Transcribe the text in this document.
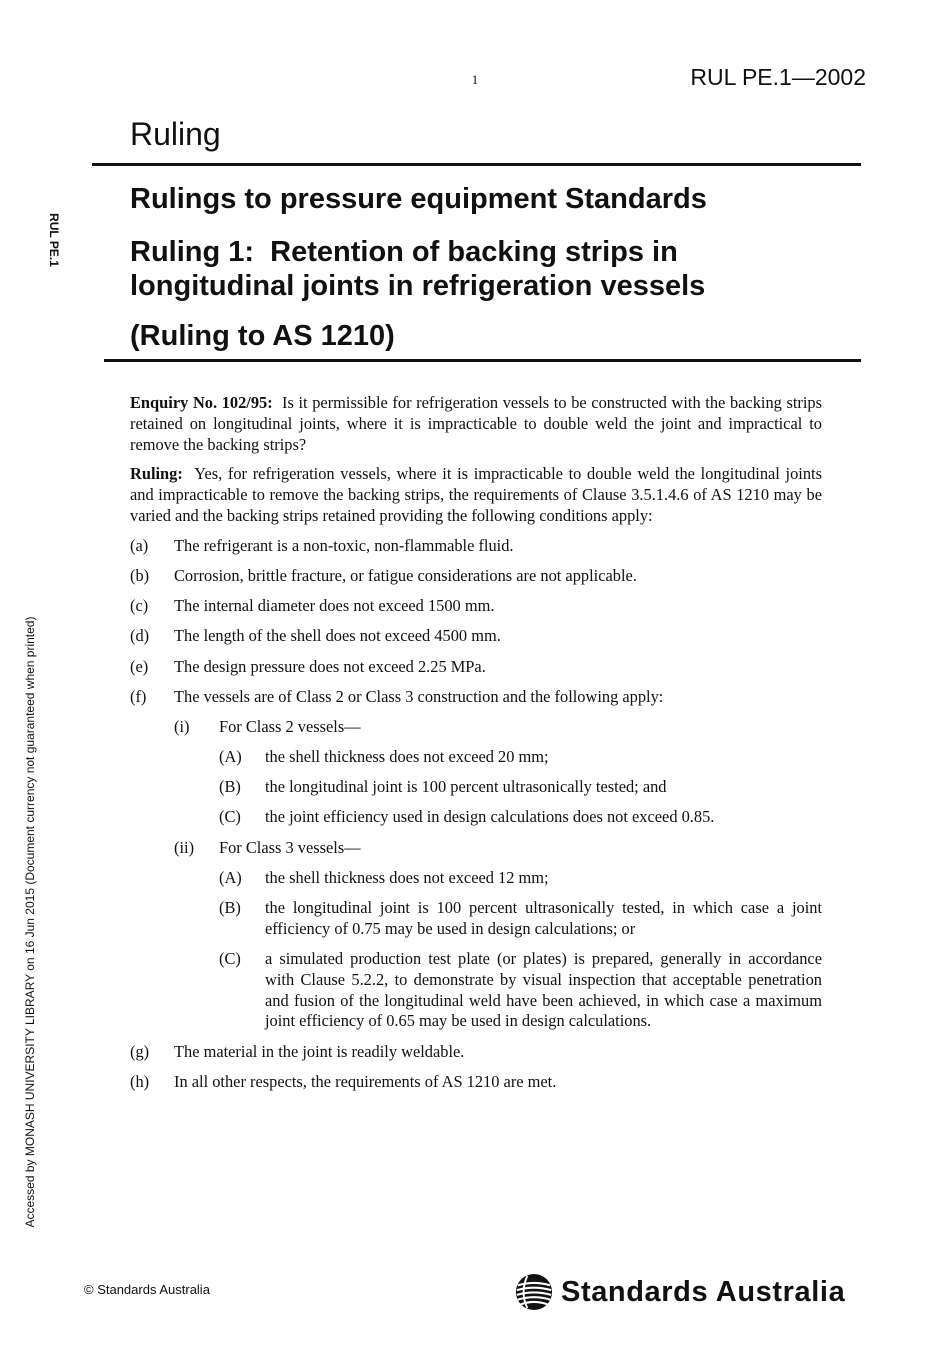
1	RUL PE.1—2002
Ruling
Rulings to pressure equipment Standards
Ruling 1:  Retention of backing strips in
longitudinal joints in refrigeration vessels
(Ruling to AS 1210)
RUL PE.1
Accessed by MONASH UNIVERSITY LIBRARY on 16 Jun 2015 (Document currency not guaranteed when printed)

Enquiry No. 102/95: Is it permissible for refrigeration vessels to be constructed with the backing strips retained on longitudinal joints, where it is impracticable to double weld the joint and impractical to remove the backing strips?

Ruling: Yes, for refrigeration vessels, where it is impracticable to double weld the longitudinal joints and impracticable to remove the backing strips, the requirements of Clause 3.5.1.4.6 of AS 1210 may be varied and the backing strips retained providing the following conditions apply:

(a)	The refrigerant is a non-toxic, non-flammable fluid.
(b)	Corrosion, brittle fracture, or fatigue considerations are not applicable.
(c)	The internal diameter does not exceed 1500 mm.
(d)	The length of the shell does not exceed 4500 mm.
(e)	The design pressure does not exceed 2.25 MPa.
(f)	The vessels are of Class 2 or Class 3 construction and the following apply:
(i)	For Class 2 vessels—
(A)	the shell thickness does not exceed 20 mm;
(B)	the longitudinal joint is 100 percent ultrasonically tested; and
(C)	the joint efficiency used in design calculations does not exceed 0.85.
(ii)	For Class 3 vessels—
(A)	the shell thickness does not exceed 12 mm;
(B)	the longitudinal joint is 100 percent ultrasonically tested, in which case a joint efficiency of 0.75 may be used in design calculations; or
(C)	a simulated production test plate (or plates) is prepared, generally in accordance with Clause 5.2.2, to demonstrate by visual inspection that acceptable penetration and fusion of the longitudinal weld have been achieved, in which case a maximum joint efficiency of 0.65 may be used in design calculations.
(g)	The material in the joint is readily weldable.
(h)	In all other respects, the requirements of AS 1210 are met.
© Standards Australia	Standards Australia
